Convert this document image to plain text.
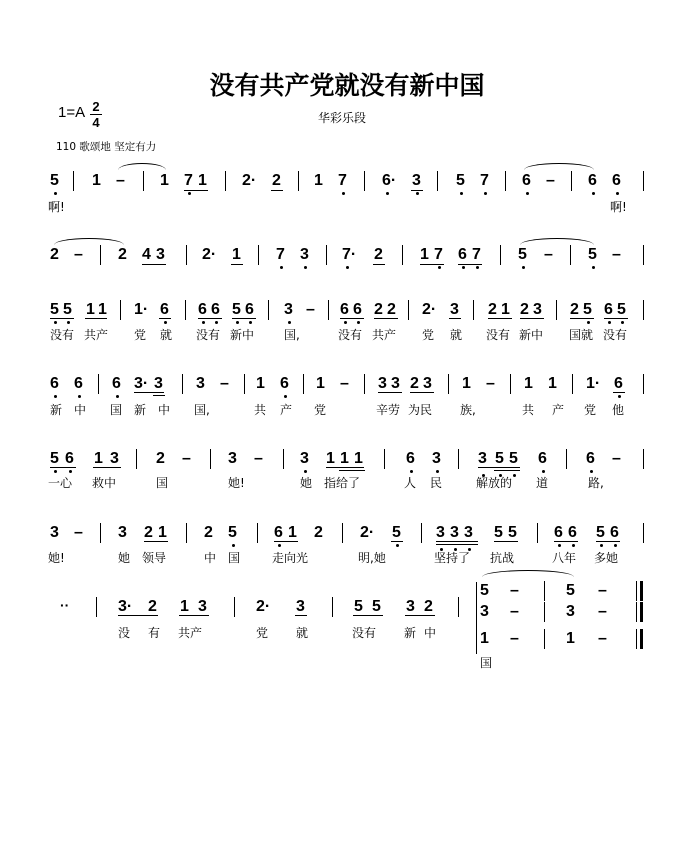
没有共产党就没有新中国
1=A 2
4	华彩乐段
110 歌颂地 坚定有力
5 1 – 1 7 1 2· 2 1 7 6· 3 5 7 6 – 6 6
啊!	啊!
2 – 2 4 3 2· 1 7 3 7· 2 1 7 6 7 5 – 5 –
5 5 1 1 1· 6 6 6 5 6 3 – 6 6 2 2 2· 3 2 1 2 3 2 5 6 5
没有 共产 党 就 没有 新中 国,	没有 共产 党 就 没有 新中 国就 没有
6 6 6 3· 3 3 – 1 6 1 – 3 3 2 3 1 – 1 1 1· 6
新 中 国 新 中 国,	共 产 党	辛劳 为民 族,	共 产 党 他
5 6 1 3 2 – 3 – 3 1 1 1	6 3 3 5 5 6 6 –
一心 救中	国	她!	她 指给了	人 民	解放的 道	路,
3 – 3 2 1 2 5 6 1 2 2· 5 3 3 3 5 5 6 6 5 6
她!	她 领导	中 国	走向光	明,她	坚持了 抗战	八年 多她
··	3· 2 1 3	2· 3	5 5 3 2
没 有 共产	党 就	没有 新 中
5 –	5 –
3 –	3 –
1 –	1 –
国
